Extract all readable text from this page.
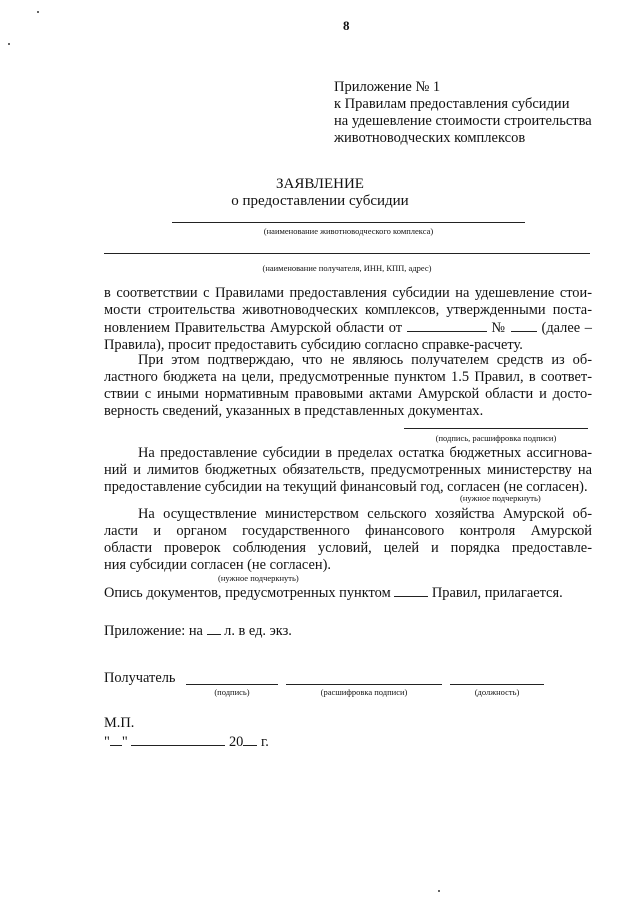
8
Приложение № 1
к Правилам предоставления субсидии
на удешевление стоимости строительства
животноводческих комплексов
ЗАЯВЛЕНИЕ
о предоставлении субсидии
(наименование животноводческого комплекса)
(наименование получателя, ИНН, КПП, адрес)
в соответствии с Правилами предоставления субсидии на удешевление стои-
мости строительства животноводческих комплексов, утвержденными поста-
новлением Правительства Амурской области от	№ (далее –
Правила), просит предоставить субсидию согласно справке-расчету.
При этом подтверждаю, что не являюсь получателем средств из об-
ластного бюджета на цели, предусмотренные пунктом 1.5 Правил, в соответ-
ствии с иными нормативным правовыми актами Амурской области и досто-
верность сведений, указанных в представленных документах.
(подпись, расшифровка подписи)
На предоставление субсидии в пределах остатка бюджетных ассигнова-
ний и лимитов бюджетных обязательств, предусмотренных министерству на
предоставление субсидии на текущий финансовый год, согласен (не согласен).
(нужное подчеркнуть)
На осуществление министерством сельского хозяйства Амурской об-
ласти и органом государственного финансового контроля Амурской
области проверок соблюдения условий, целей и порядка предоставле-
ния субсидии согласен (не согласен).
(нужное подчеркнуть)
Опись документов, предусмотренных пунктом	Правил, прилагается.
Приложение: на л. в ед. экз.
Получатель
(подпись)	(расшифровка подписи)	(должность)
М.П.
" "	20 г.
